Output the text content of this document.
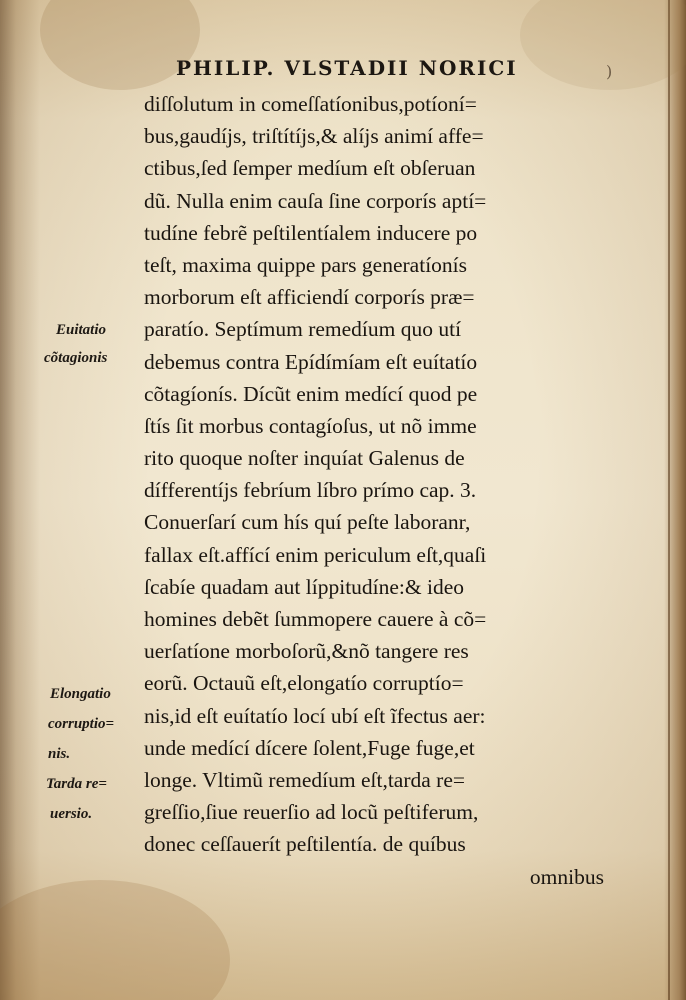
PHILIP. VLSTADII NORICI	)
Euitatio
cõtagionis
Elongatio
corruptio=
nis.
Tarda re=
uersio.
diſſolutum in comeſſatíonibus,potíoní=
bus,gaudíjs, triſtítíjs,& alíjs animí affe=
ctibus,ſed ſemper medíum eſt obſeruan
dũ. Nulla enim cauſa ſine corporís aptí=
tudíne febrẽ peſtilentíalem inducere po
teſt, maxima quippe pars generatíonís
morborum eſt afficiendí corporís præ=
paratío. Septímum remedíum quo utí
debemus contra Epídímíam eſt euítatío
cõtagíonís. Dícũt enim medící quod pe
ſtís ſit morbus contagíoſus, ut nõ imme
rito quoque noſter inquíat Galenus de
dífferentíjs febríum líbro prímo cap. 3.
Conuerſarí cum hís quí peſte laboranr,
fallax eſt.affící enim periculum eſt,quaſi
ſcabíe quadam aut líppitudíne:& ideo
homines debẽt ſummopere cauere à cõ=
uerſatíone morboſorũ,&nõ tangere res
eorũ. Octauũ eſt,elongatío corruptío=
nis,id eſt euítatío locí ubí eſt ĩfectus aer:
unde medící dícere ſolent,Fuge fuge,et
longe. Vltimũ remedíum eſt,tarda re=
greſſio,ſiue reuerſio ad locũ peſtiferum,
donec ceſſauerít peſtilentía. de quíbus
omnibus
